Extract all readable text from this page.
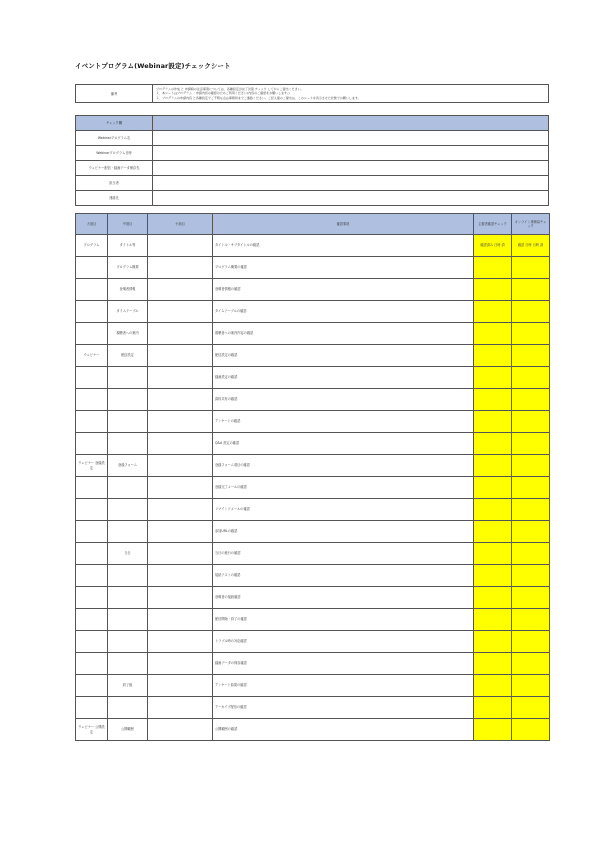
イベントプログラム(Webinar設定)チェックシート
備考	
プログラムの作成 と 申請時の注意事項については、各種設定が完了次第 チェック してからご提出ください。
１．本シートはプログラム ・申請内容の確認のためご利用ください(内容のご確認をお願いします。)
２．プログラムの申請内容 と各種設定でご不明な点は事務局までご連絡ください。ご記入後のご提出は、このシートを表示させた状態でお願いします。
チェック欄	
Webinarプログラム名	
Webinarプログラム日時	
ウェビナー配信・録画データ保存先	
担当者	
連絡先	
大項目	中項目	小項目	確認事項	主催者確認チェック	オンライン事務局チェック
プログラム	タイトル等		タイトル・サブタイトルの確認	確認済み 日時 済	確認 日時 日時 済
	プログラム概要		プログラム概要の確認		
	登壇者情報		登壇者情報の確認		
	タイムテーブル		タイムテーブルの確認		
	視聴者への案内		視聴者への案内内容の確認		
ウェビナー	配信設定		配信設定の確認		
			録画設定の確認		
			資料共有の確認		
			アンケートの確認		
			Q&A 設定の確認		
ウェビナー 登録設定	登録フォーム		登録フォーム項目の確認		
			登録完了メールの確認		
			リマインドメールの確認		
			参加URLの確認		
	当日		当日の進行の確認		
			接続テストの確認		
			登壇者の接続確認		
			配信開始・終了の確認		
			トラブル時の対応確認		
			録画データの保存確認		
	終了後		アンケート結果の確認		
			アーカイブ配信の確認		
ウェビナー 公開設定	公開範囲		公開範囲の確認		
